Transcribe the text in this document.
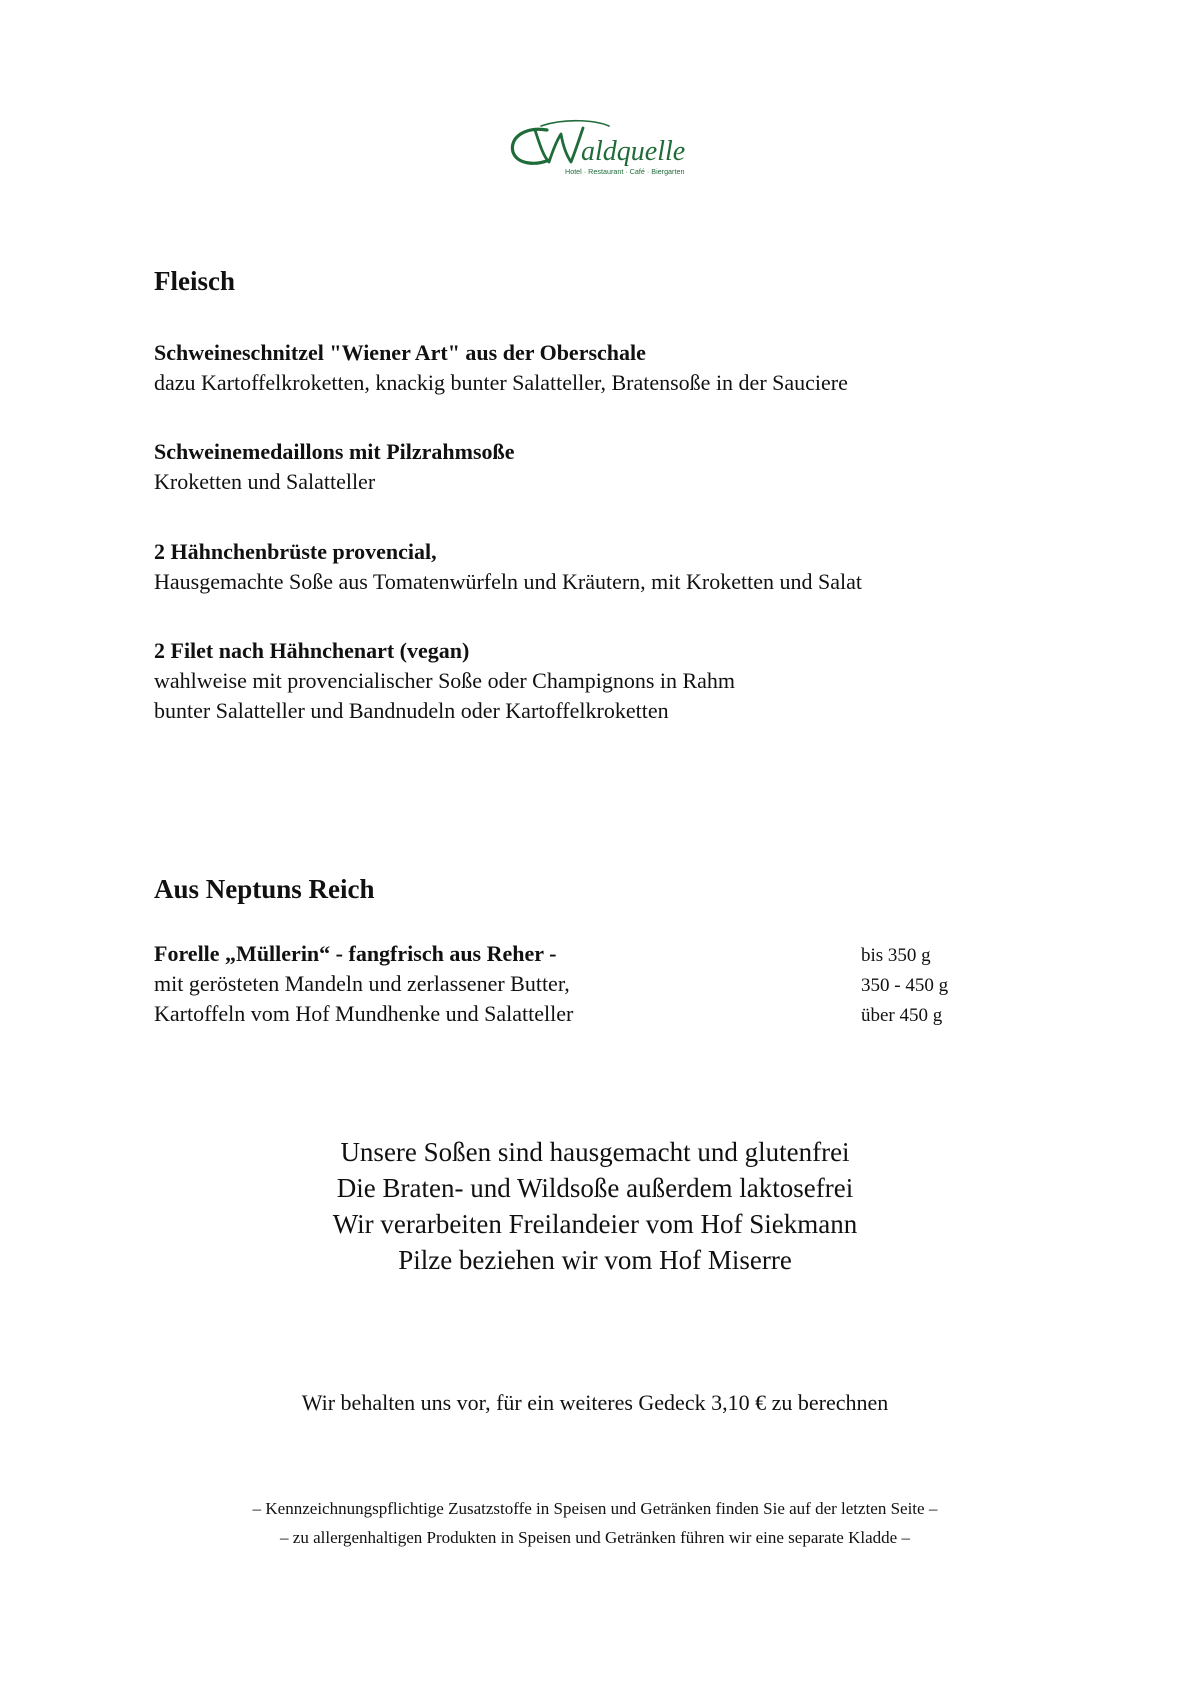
aldquelle
Hotel · Restaurant · Café · Biergarten
Fleisch
Schweineschnitzel "Wiener Art" aus der Oberschale
dazu Kartoffelkroketten, knackig bunter Salatteller, Bratensoße in der Sauciere
Schweinemedaillons mit Pilzrahmsoße
Kroketten und Salatteller
2 Hähnchenbrüste provencial,
Hausgemachte Soße aus Tomatenwürfeln und Kräutern, mit Kroketten und Salat
2 Filet nach Hähnchenart (vegan)
wahlweise mit provencialischer Soße oder Champignons in Rahm
bunter Salatteller und Bandnudeln oder Kartoffelkroketten
Aus Neptuns Reich
Forelle „Müllerin“ - fangfrisch aus Reher -	bis 350 g
mit gerösteten Mandeln und zerlassener Butter,	350 - 450 g
Kartoffeln vom Hof Mundhenke und Salatteller	über 450 g
Unsere Soßen sind hausgemacht und glutenfrei
Die Braten- und Wildsoße außerdem laktosefrei
Wir verarbeiten Freilandeier vom Hof Siekmann
Pilze beziehen wir vom Hof Miserre
Wir behalten uns vor, für ein weiteres Gedeck 3,10 € zu berechnen
– Kennzeichnungspflichtige Zusatzstoffe in Speisen und Getränken finden Sie auf der letzten Seite –
– zu allergenhaltigen Produkten in Speisen und Getränken führen wir eine separate Kladde –
